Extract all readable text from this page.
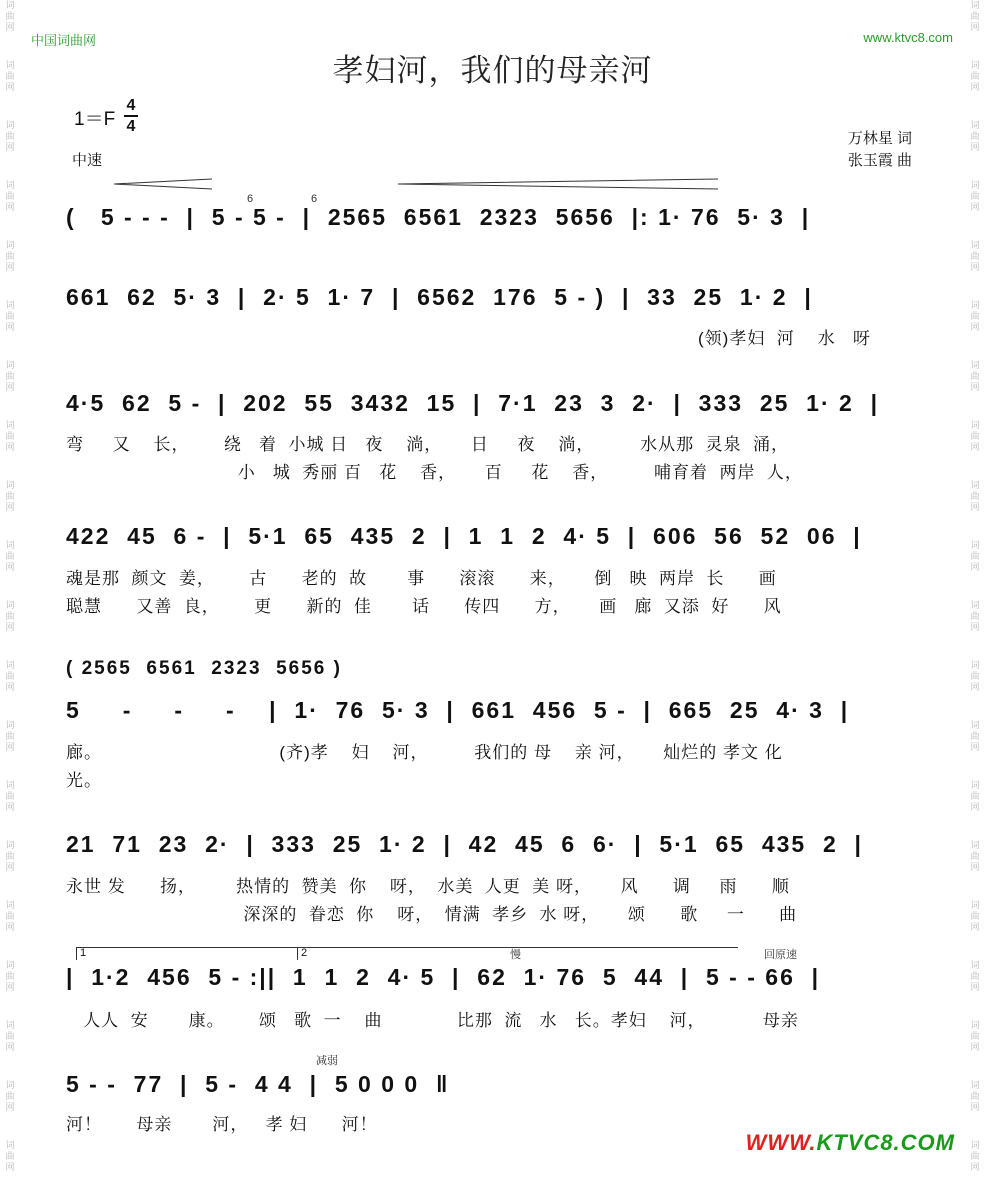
词
曲
网
词
曲
网
词
曲
网
词
曲
网
词
曲
网
词
曲
网
词
曲
网
词
曲
网
词
曲
网
词
曲
网
词
曲
网
词
曲
网
词
曲
网
词
曲
网
词
曲
网
词
曲
网
词
曲
网
词
曲
网
词
曲
网
词
曲
网
词
曲
网
词
曲
网
词
曲
网
词
曲
网
词
曲
网
词
曲
网
词
曲
网
词
曲
网
词
曲
网
词
曲
网
词
曲
网
词
曲
网
词
曲
网
词
曲
网
词
曲
网
词
曲
网
词
曲
网
词
曲
网
词
曲
网
词
曲
网
中国词曲网	www.ktvc8.com
孝妇河，我们的母亲河
1＝F
4
4
中速
万林星 词
张玉霞 曲
6	6
(   5 - - -  |  5 - 5 -  |  2565  6561  2323  5656  |: 1· 76  5· 3  |
661  62  5· 3  |  2· 5  1· 7  |  6562  176  5 - )  |  33  25  1· 2  |
(领)孝妇  河    水   呀
4·5  62  5 -  |  202  55  3432  15  |  7·1  23  3  2·  |  333  25  1· 2  |
弯     又    长，      绕   着  小城 日   夜    淌，     日     夜    淌，        水从那  灵泉  涌，
小   城  秀丽 百   花    香，     百     花    香，        哺育着  两岸  人，
422  45  6 -  |  5·1  65  435  2  |  1  1  2  4· 5  |  606  56  52  06  |
魂是那  颜文  姜，      古      老的  故       事      滚滚      来，     倒   映  两岸  长      画
聪慧      又善  良，      更      新的  佳       话      传四      方，     画   廊  又添  好      风
( 2565  6561  2323  5656 )
5     -     -     -    |  1·  76  5· 3  |  661  456  5 -  |  665  25  4· 3  |
廊。                               (齐)孝    妇    河，        我们的 母    亲 河，     灿烂的 孝文 化
光。
21  71  23  2·  |  333  25  1· 2  |  42  45  6  6·  |  5·1  65  435  2  |
永世 发      扬，       热情的  赞美  你    呀，  水美  人更  美 呀，     风      调     雨      顺
深深的  眷恋  你    呀，  情满  孝乡  水 呀，     颂      歌     一      曲
1	2	慢	回原速
|  1·2  456  5 - :||  1  1  2  4· 5  |  62  1· 76  5  44  |  5 - - 66  |
人人  安       康。      颂   歌  一    曲             比那  流   水   长。孝妇    河，          母亲
减弱
5 - -  77  |  5 -  4 4  |  5 0 0 0  ‖
河！      母亲       河，   孝 妇      河！
WWW.KTVC8.COM
